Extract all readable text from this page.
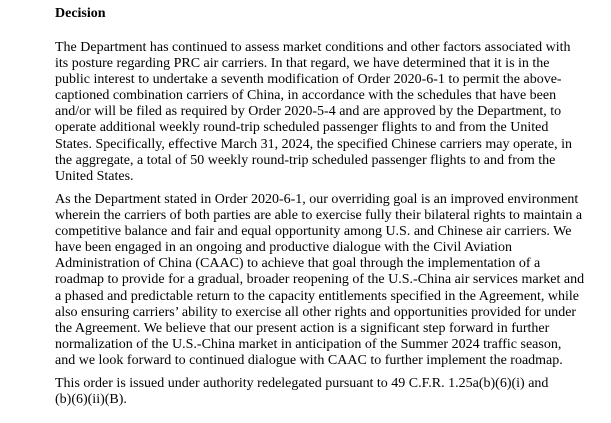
Decision
The Department has continued to assess market conditions and other factors associated with
its posture regarding PRC air carriers. In that regard, we have determined that it is in the
public interest to undertake a seventh modification of Order 2020-6-1 to permit the above-
captioned combination carriers of China, in accordance with the schedules that have been
and/or will be filed as required by Order 2020-5-4 and are approved by the Department, to
operate additional weekly round-trip scheduled passenger flights to and from the United
States. Specifically, effective March 31, 2024, the specified Chinese carriers may operate, in
the aggregate, a total of 50 weekly round-trip scheduled passenger flights to and from the
United States.
As the Department stated in Order 2020-6-1, our overriding goal is an improved environment
wherein the carriers of both parties are able to exercise fully their bilateral rights to maintain a
competitive balance and fair and equal opportunity among U.S. and Chinese air carriers. We
have been engaged in an ongoing and productive dialogue with the Civil Aviation
Administration of China (CAAC) to achieve that goal through the implementation of a
roadmap to provide for a gradual, broader reopening of the U.S.-China air services market and
a phased and predictable return to the capacity entitlements specified in the Agreement, while
also ensuring carriers’ ability to exercise all other rights and opportunities provided for under
the Agreement. We believe that our present action is a significant step forward in further
normalization of the U.S.-China market in anticipation of the Summer 2024 traffic season,
and we look forward to continued dialogue with CAAC to further implement the roadmap.
This order is issued under authority redelegated pursuant to 49 C.F.R. 1.25a(b)(6)(i) and
(b)(6)(ii)(B).
